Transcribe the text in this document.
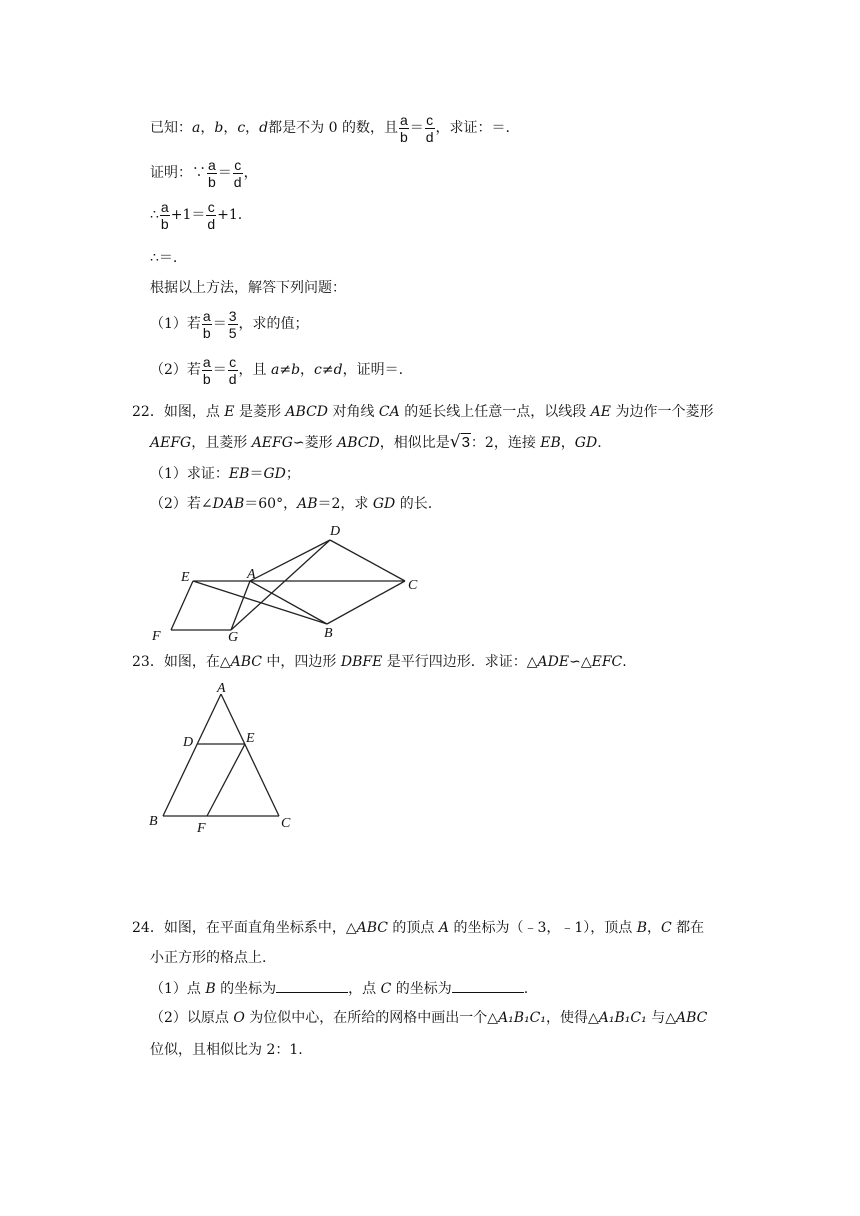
已知：a，b，c，d都是不为 0 的数，且 $\frac{a}{b} = \frac{c}{d}$ ，求证：＝.
证明：∵ $\frac{a}{b} = \frac{c}{d}$ ，
∴ $\frac{a}{b} +1= \frac{c}{d} +1$.
∴＝.
根据以上方法，解答下列问题：
（1）若 $\frac{a}{b} = \frac{3}{5}$ ，求的值；
（2）若 $\frac{a}{b} = \frac{c}{d}$ ，且 a≠b，c≠d，证明＝.
22．如图，点 E 是菱形 ABCD 对角线 CA 的延长线上任意一点，以线段 AE 为边作一个菱形
AEFG，且菱形 AEFG∽菱形 ABCD，相似比是√3：2，连接 EB，GD.
（1）求证：EB＝GD；
（2）若∠DAB＝60°，AB＝2，求 GD 的长.
D
E	A
C
F	G	B
23．如图，在△ABC 中，四边形 DBFE 是平行四边形．求证：△ADE∽△EFC.
A
D	E
B	F	C
24．如图，在平面直角坐标系中，△ABC 的顶点 A 的坐标为（﹣3，﹣1），顶点 B，C 都在
小正方形的格点上.
（1）点 B 的坐标为	，点 C 的坐标为	.
（2）以原点 O 为位似中心，在所给的网格中画出一个△A₁B₁C₁，使得△A₁B₁C₁ 与△ABC
位似，且相似比为 2：1.
